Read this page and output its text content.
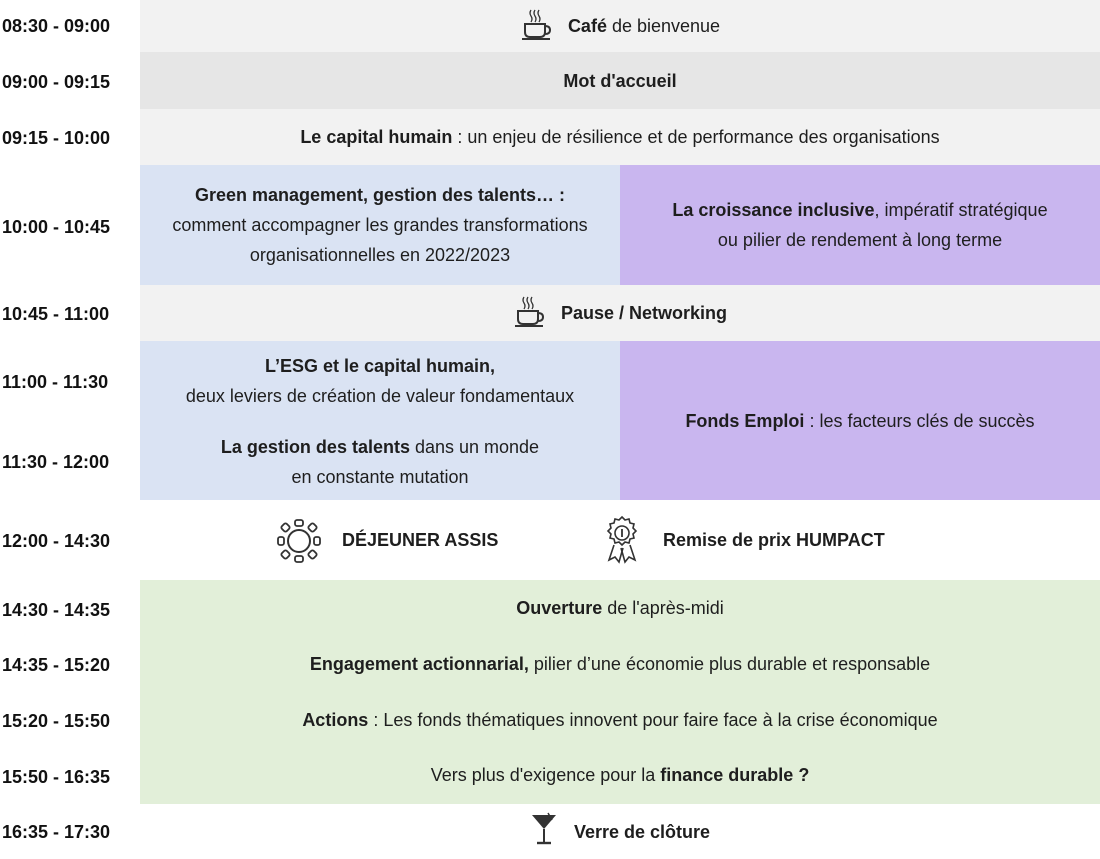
08:30 - 09:00
09:00 - 09:15
09:15 - 10:00
10:00 - 10:45
10:45 - 11:00
11:00 - 11:30
11:30 - 12:00
12:00 - 14:30
14:30 - 14:35
14:35 - 15:20
15:20 - 15:50
15:50 - 16:35
16:35 - 17:30
Café de bienvenue
Mot d'accueil
Le capital humain : un enjeu de résilience et de performance des organisations
Green management, gestion des talents… :
comment accompagner les grandes transformations
organisationnelles en 2022/2023
La croissance inclusive, impératif stratégique
ou pilier de rendement à long terme
Pause / Networking
L’ESG et le capital humain,
deux leviers de création de valeur fondamentaux
La gestion des talents dans un monde
en constante mutation
Fonds Emploi : les facteurs clés de succès
DÉJEUNER ASSIS	Remise de prix HUMPACT
Ouverture de l'après-midi
Engagement actionnarial, pilier d’une économie plus durable et responsable
Actions : Les fonds thématiques innovent pour faire face à la crise économique
Vers plus d'exigence pour la finance durable ?
Verre de clôture
